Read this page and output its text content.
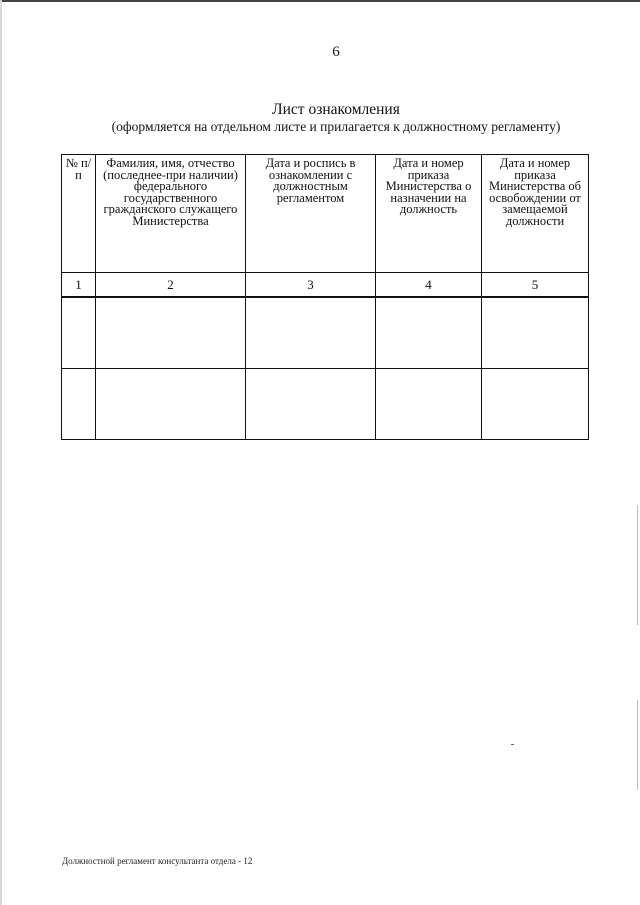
6
Лист ознакомления
(оформляется на отдельном листе и прилагается к должностному регламенту)
№ п/п	Фамилия, имя, отчество (последнее-при наличии) федерального государственного гражданского служащего Министерства	Дата и роспись в ознакомлении с должностным регламентом	Дата и номер приказа Министерства о назначении на должность	Дата и номер приказа Министерства об освобождении от замещаемой должности

1	2	3	4	5

Должностной регламент консультанта отдела - 12
